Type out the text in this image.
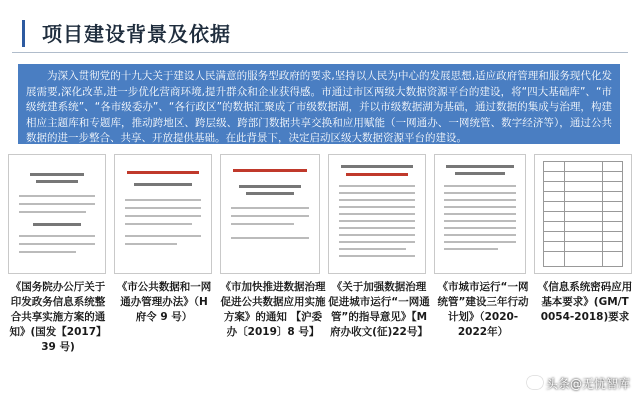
项目建设背景及依据

为深入贯彻党的十九大关于建设人民满意的服务型政府的要求,坚持以人民为中心的发展思想,适应政府管理和服务现代化发展需要,深化改革,进一步优化营商环境,提升群众和企业获得感。市通过市区两级大数据资源平台的建设，将“四大基础库”、“市级统建系统”、“各市级委办”、“各行政区”的数据汇聚成了市级数据湖，并以市级数据湖为基础，通过数据的集成与治理，构建相应主题库和专题库，推动跨地区、跨层级、跨部门数据共享交换和应用赋能（一网通办、一网统管、数字经济等），通过公共数据的进一步整合、共享、开放提供基础。在此背景下，决定启动区级大数据资源平台的建设。

《国务院办公厅关于印发政务信息系统整合共享实施方案的通知》(国发【2017】39 号)
《市公共数据和一网通办管理办法》（H 府令 9 号）
《市加快推进数据治理促进公共数据应用实施方案》的通知 【沪委办〔2019〕8 号】
《关于加强数据治理促进城市运行“一网通管”的指导意见》【M府办收文(征)22号】
《市城市运行“一网统管”建设三年行动计划》（2020-2022年）
《信息系统密码应用基本要求》(GM/T 0054-2018)要求
头条@无忧智库
